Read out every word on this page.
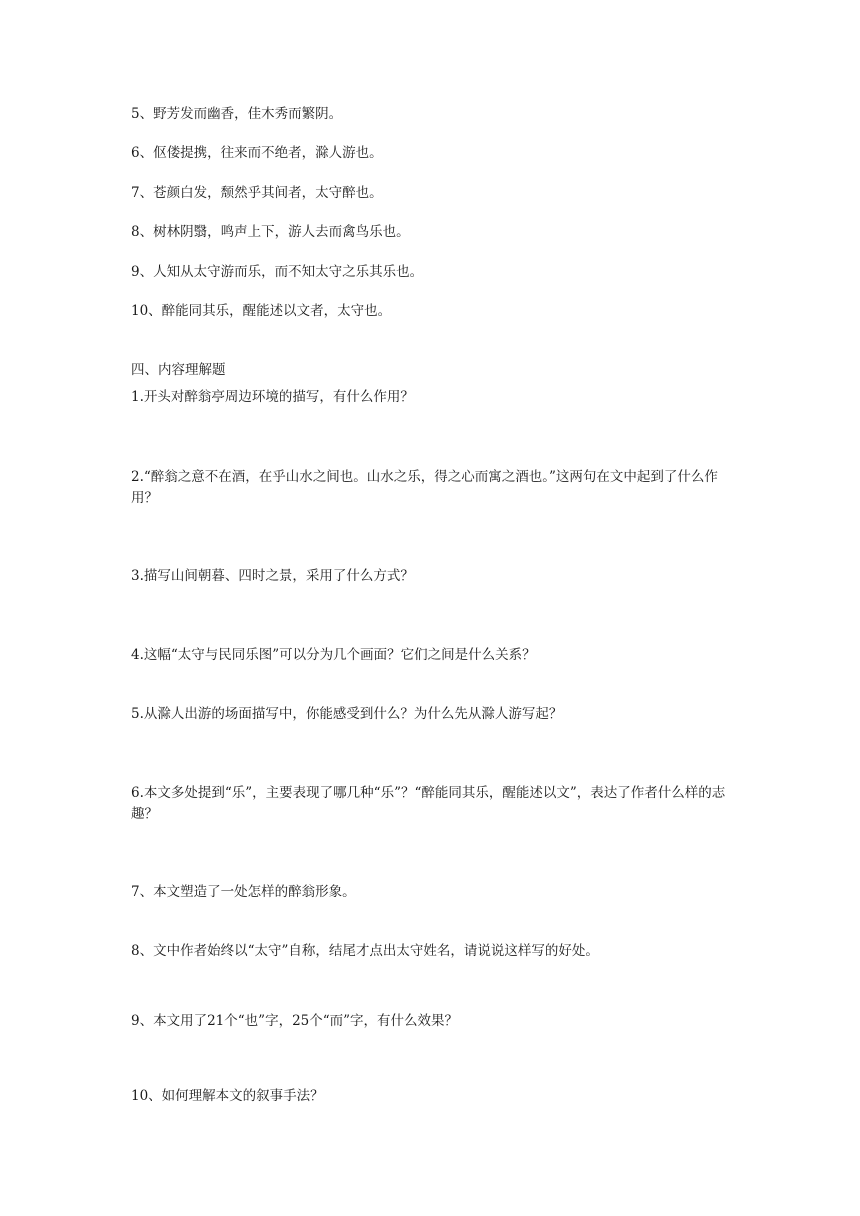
5、野芳发而幽香，佳木秀而繁阴。
6、伛偻提携，往来而不绝者，滁人游也。
7、苍颜白发，颓然乎其间者，太守醉也。
8、树林阴翳，鸣声上下，游人去而禽鸟乐也。
9、人知从太守游而乐，而不知太守之乐其乐也。
10、醉能同其乐，醒能述以文者，太守也。
四、内容理解题
1.开头对醉翁亭周边环境的描写，有什么作用？
2.“醉翁之意不在酒，在乎山水之间也。山水之乐，得之心而寓之酒也。”这两句在文中起到了什么作用？
3.描写山间朝暮、四时之景，采用了什么方式？
4.这幅“太守与民同乐图”可以分为几个画面？它们之间是什么关系？
5.从滁人出游的场面描写中，你能感受到什么？为什么先从滁人游写起？
6.本文多处提到“乐”，主要表现了哪几种“乐”？“醉能同其乐，醒能述以文”，表达了作者什么样的志趣？
7、本文塑造了一处怎样的醉翁形象。
8、文中作者始终以“太守”自称，结尾才点出太守姓名，请说说这样写的好处。
9、本文用了21个“也”字，25个“而”字，有什么效果？
10、如何理解本文的叙事手法？
